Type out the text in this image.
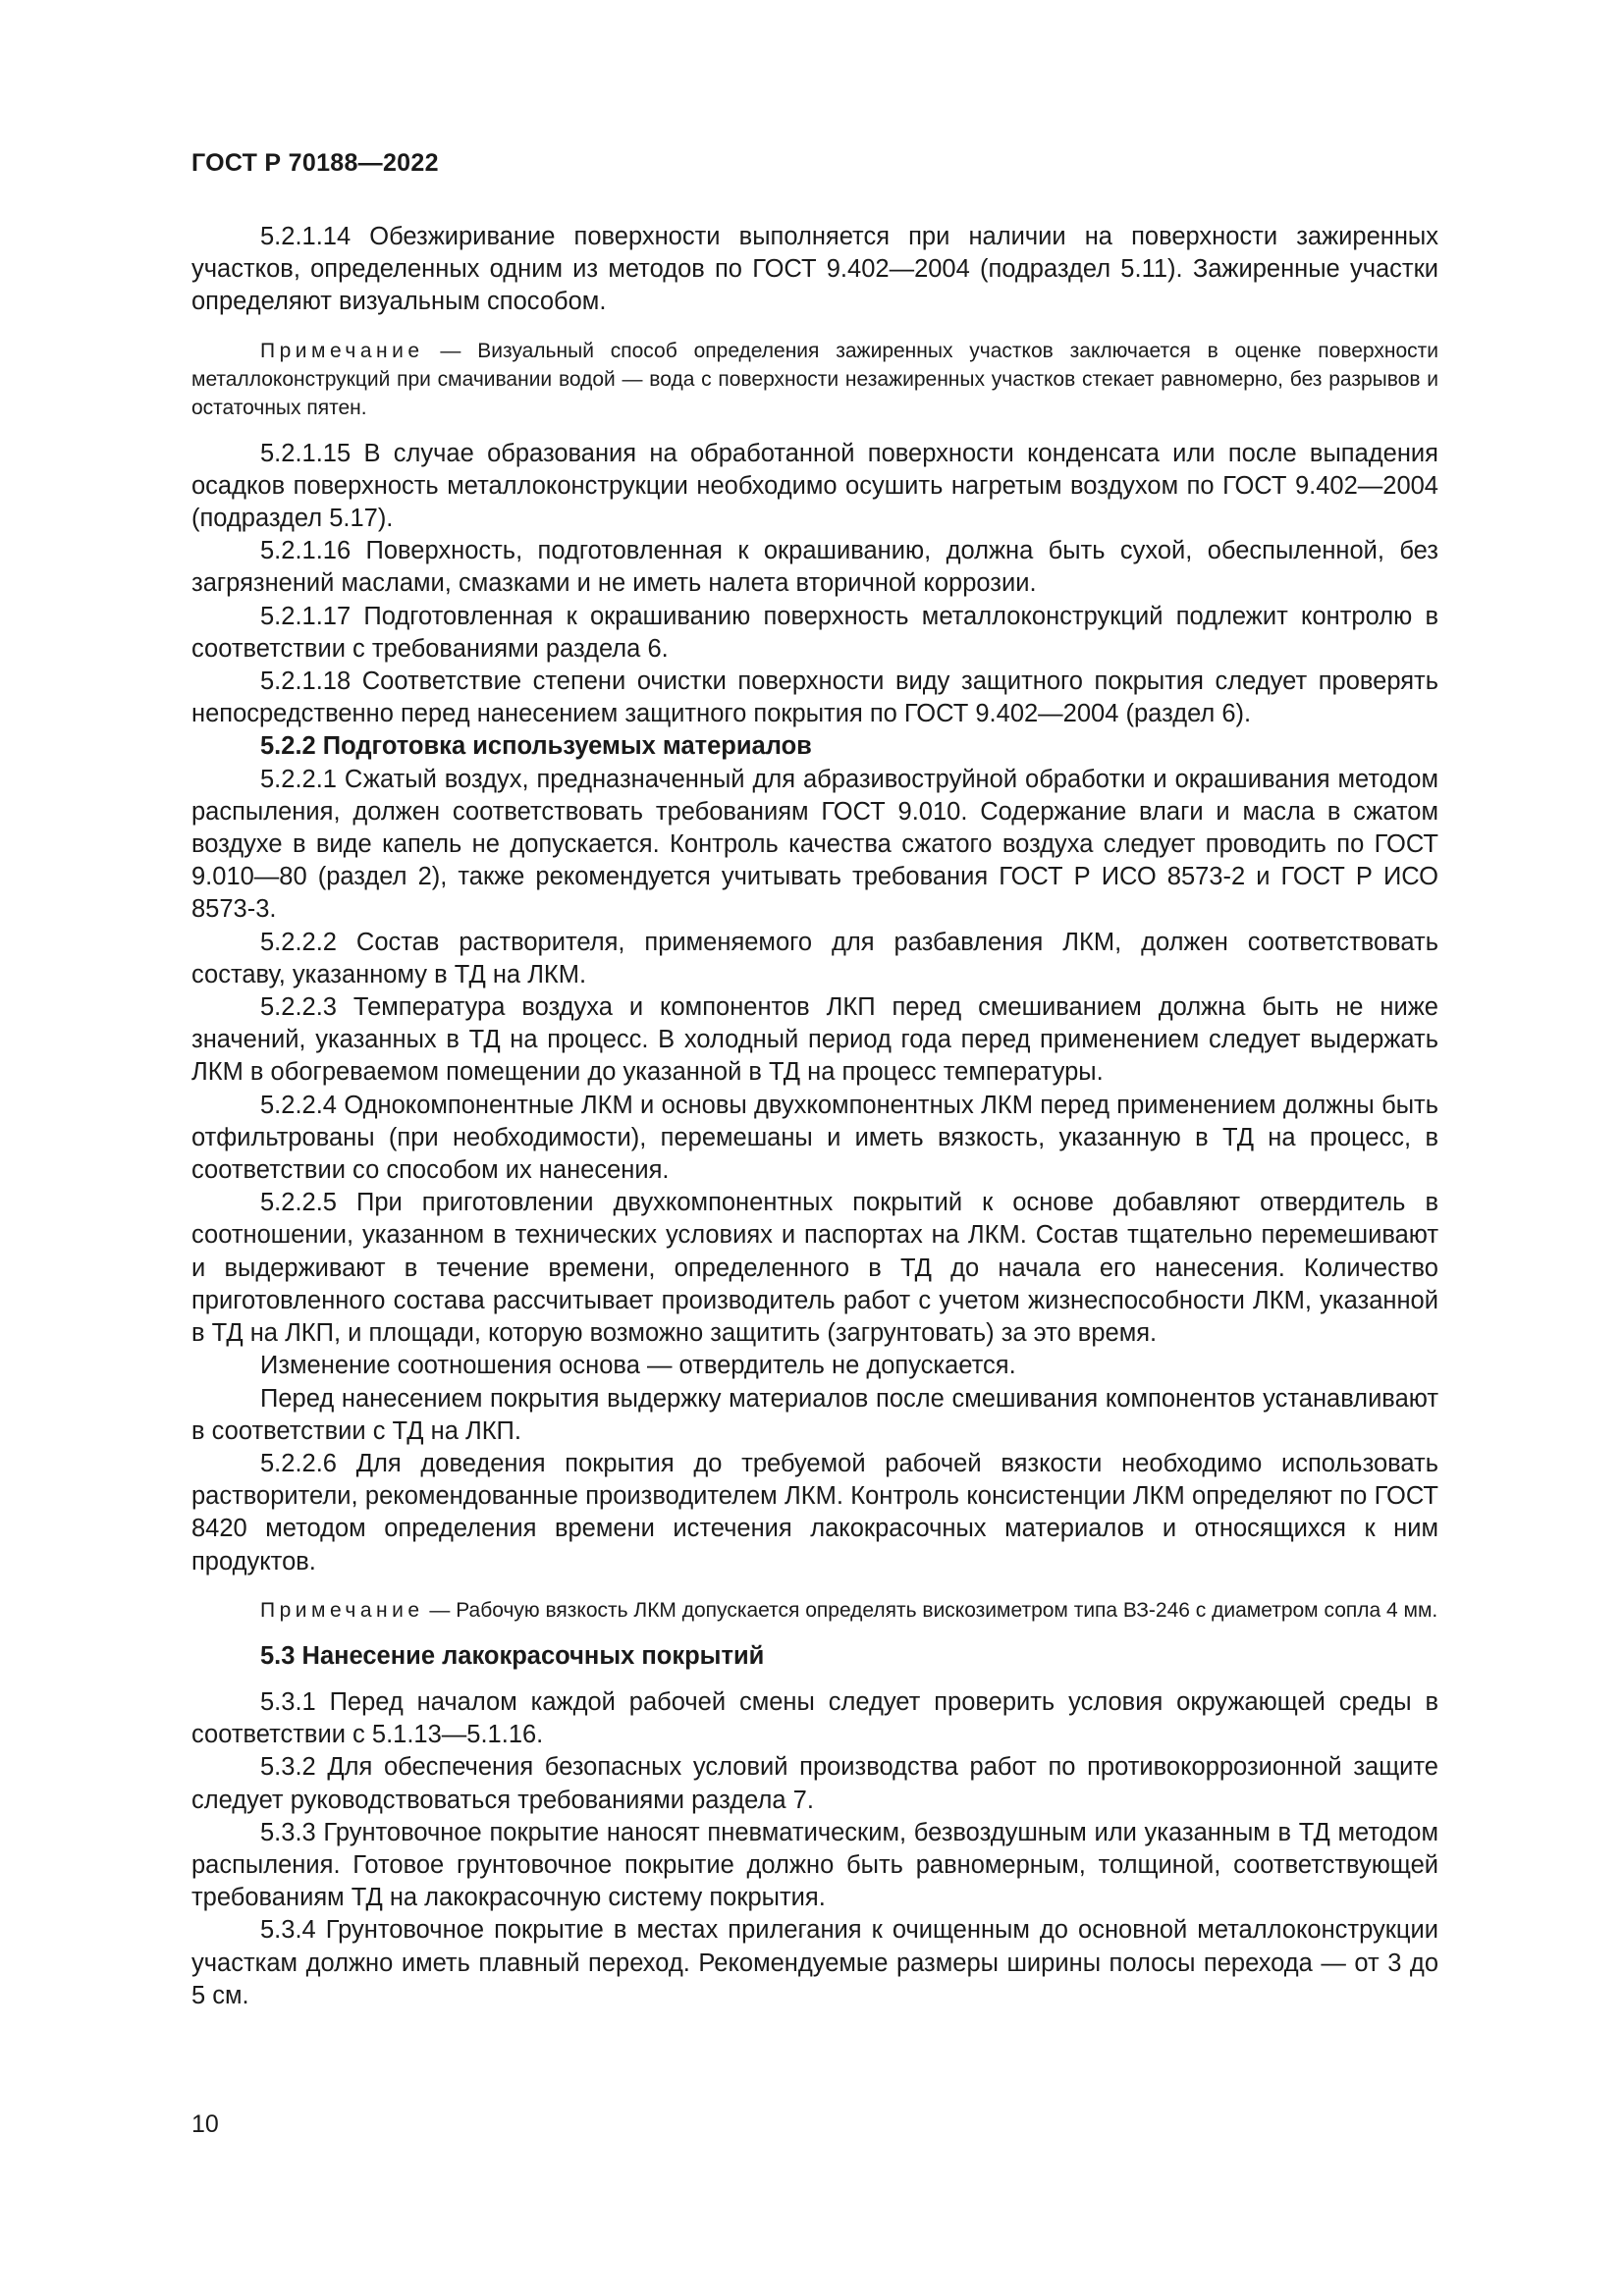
ГОСТ Р 70188—2022

5.2.1.14 Обезжиривание поверхности выполняется при наличии на поверхности зажиренных участков, определенных одним из методов по ГОСТ 9.402—2004 (подраздел 5.11). Зажиренные участки определяют визуальным способом.

Примечание — Визуальный способ определения зажиренных участков заключается в оценке поверхности металлоконструкций при смачивании водой — вода с поверхности незажиренных участков стекает равномерно, без разрывов и остаточных пятен.

5.2.1.15 В случае образования на обработанной поверхности конденсата или после выпадения осадков поверхность металлоконструкции необходимо осушить нагретым воздухом по ГОСТ 9.402—2004 (подраздел 5.17).

5.2.1.16 Поверхность, подготовленная к окрашиванию, должна быть сухой, обеспыленной, без загрязнений маслами, смазками и не иметь налета вторичной коррозии.

5.2.1.17 Подготовленная к окрашиванию поверхность металлоконструкций подлежит контролю в соответствии с требованиями раздела 6.

5.2.1.18 Соответствие степени очистки поверхности виду защитного покрытия следует проверять непосредственно перед нанесением защитного покрытия по ГОСТ 9.402—2004 (раздел 6).

5.2.2 Подготовка используемых материалов

5.2.2.1 Сжатый воздух, предназначенный для абразивоструйной обработки и окрашивания методом распыления, должен соответствовать требованиям ГОСТ 9.010. Содержание влаги и масла в сжатом воздухе в виде капель не допускается. Контроль качества сжатого воздуха следует проводить по ГОСТ 9.010—80 (раздел 2), также рекомендуется учитывать требования ГОСТ Р ИСО 8573-2 и ГОСТ Р ИСО 8573-3.

5.2.2.2 Состав растворителя, применяемого для разбавления ЛКМ, должен соответствовать составу, указанному в ТД на ЛКМ.

5.2.2.3 Температура воздуха и компонентов ЛКП перед смешиванием должна быть не ниже значений, указанных в ТД на процесс. В холодный период года перед применением следует выдержать ЛКМ в обогреваемом помещении до указанной в ТД на процесс температуры.

5.2.2.4 Однокомпонентные ЛКМ и основы двухкомпонентных ЛКМ перед применением должны быть отфильтрованы (при необходимости), перемешаны и иметь вязкость, указанную в ТД на процесс, в соответствии со способом их нанесения.

5.2.2.5 При приготовлении двухкомпонентных покрытий к основе добавляют отвердитель в соотношении, указанном в технических условиях и паспортах на ЛКМ. Состав тщательно перемешивают и выдерживают в течение времени, определенного в ТД до начала его нанесения. Количество приготовленного состава рассчитывает производитель работ с учетом жизнеспособности ЛКМ, указанной в ТД на ЛКП, и площади, которую возможно защитить (загрунтовать) за это время.

Изменение соотношения основа — отвердитель не допускается.

Перед нанесением покрытия выдержку материалов после смешивания компонентов устанавливают в соответствии с ТД на ЛКП.

5.2.2.6 Для доведения покрытия до требуемой рабочей вязкости необходимо использовать растворители, рекомендованные производителем ЛКМ. Контроль консистенции ЛКМ определяют по ГОСТ 8420 методом определения времени истечения лакокрасочных материалов и относящихся к ним продуктов.

Примечание — Рабочую вязкость ЛКМ допускается определять вискозиметром типа ВЗ-246 с диаметром сопла 4 мм.

5.3 Нанесение лакокрасочных покрытий

5.3.1 Перед началом каждой рабочей смены следует проверить условия окружающей среды в соответствии с 5.1.13—5.1.16.

5.3.2 Для обеспечения безопасных условий производства работ по противокоррозионной защите следует руководствоваться требованиями раздела 7.

5.3.3 Грунтовочное покрытие наносят пневматическим, безвоздушным или указанным в ТД методом распыления. Готовое грунтовочное покрытие должно быть равномерным, толщиной, соответствующей требованиям ТД на лакокрасочную систему покрытия.

5.3.4 Грунтовочное покрытие в местах прилегания к очищенным до основной металлоконструкции участкам должно иметь плавный переход. Рекомендуемые размеры ширины полосы перехода — от 3 до 5 см.

10
